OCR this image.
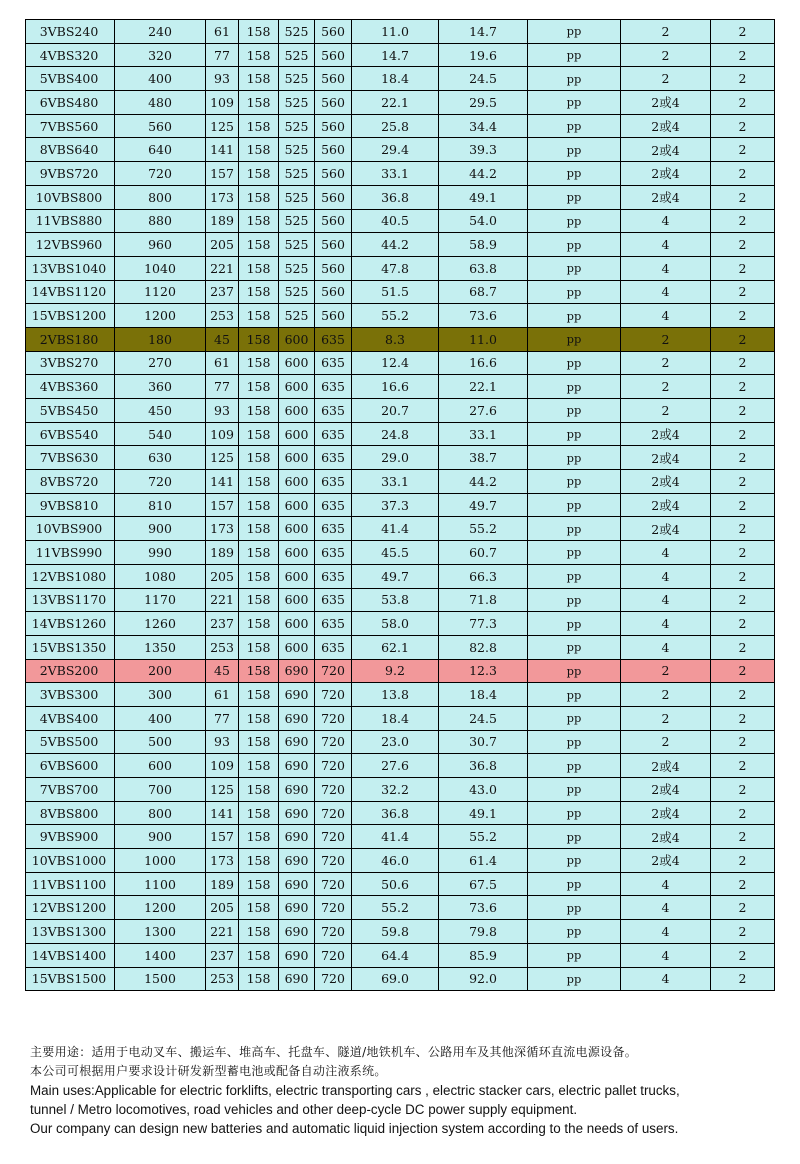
3VBS240	240	61	158	525	560	11.0	14.7	pp	2	2
4VBS320	320	77	158	525	560	14.7	19.6	pp	2	2
5VBS400	400	93	158	525	560	18.4	24.5	pp	2	2
6VBS480	480	109	158	525	560	22.1	29.5	pp	2或4	2
7VBS560	560	125	158	525	560	25.8	34.4	pp	2或4	2
8VBS640	640	141	158	525	560	29.4	39.3	pp	2或4	2
9VBS720	720	157	158	525	560	33.1	44.2	pp	2或4	2
10VBS800	800	173	158	525	560	36.8	49.1	pp	2或4	2
11VBS880	880	189	158	525	560	40.5	54.0	pp	4	2
12VBS960	960	205	158	525	560	44.2	58.9	pp	4	2
13VBS1040	1040	221	158	525	560	47.8	63.8	pp	4	2
14VBS1120	1120	237	158	525	560	51.5	68.7	pp	4	2
15VBS1200	1200	253	158	525	560	55.2	73.6	pp	4	2
2VBS180	180	45	158	600	635	8.3	11.0	pp	2	2
3VBS270	270	61	158	600	635	12.4	16.6	pp	2	2
4VBS360	360	77	158	600	635	16.6	22.1	pp	2	2
5VBS450	450	93	158	600	635	20.7	27.6	pp	2	2
6VBS540	540	109	158	600	635	24.8	33.1	pp	2或4	2
7VBS630	630	125	158	600	635	29.0	38.7	pp	2或4	2
8VBS720	720	141	158	600	635	33.1	44.2	pp	2或4	2
9VBS810	810	157	158	600	635	37.3	49.7	pp	2或4	2
10VBS900	900	173	158	600	635	41.4	55.2	pp	2或4	2
11VBS990	990	189	158	600	635	45.5	60.7	pp	4	2
12VBS1080	1080	205	158	600	635	49.7	66.3	pp	4	2
13VBS1170	1170	221	158	600	635	53.8	71.8	pp	4	2
14VBS1260	1260	237	158	600	635	58.0	77.3	pp	4	2
15VBS1350	1350	253	158	600	635	62.1	82.8	pp	4	2
2VBS200	200	45	158	690	720	9.2	12.3	pp	2	2
3VBS300	300	61	158	690	720	13.8	18.4	pp	2	2
4VBS400	400	77	158	690	720	18.4	24.5	pp	2	2
5VBS500	500	93	158	690	720	23.0	30.7	pp	2	2
6VBS600	600	109	158	690	720	27.6	36.8	pp	2或4	2
7VBS700	700	125	158	690	720	32.2	43.0	pp	2或4	2
8VBS800	800	141	158	690	720	36.8	49.1	pp	2或4	2
9VBS900	900	157	158	690	720	41.4	55.2	pp	2或4	2
10VBS1000	1000	173	158	690	720	46.0	61.4	pp	2或4	2
11VBS1100	1100	189	158	690	720	50.6	67.5	pp	4	2
12VBS1200	1200	205	158	690	720	55.2	73.6	pp	4	2
13VBS1300	1300	221	158	690	720	59.8	79.8	pp	4	2
14VBS1400	1400	237	158	690	720	64.4	85.9	pp	4	2
15VBS1500	1500	253	158	690	720	69.0	92.0	pp	4	2
主要用途：适用于电动叉车、搬运车、堆高车、托盘车、隧道/地铁机车、公路用车及其他深循环直流电源设备。
本公司可根据用户要求设计研发新型蓄电池或配备自动注液系统。
Main uses:Applicable for electric forklifts, electric transporting cars , electric stacker cars, electric pallet trucks,
tunnel / Metro locomotives, road vehicles and other deep-cycle DC power supply equipment.
Our company can design new batteries and automatic liquid injection system according to the needs of users.
